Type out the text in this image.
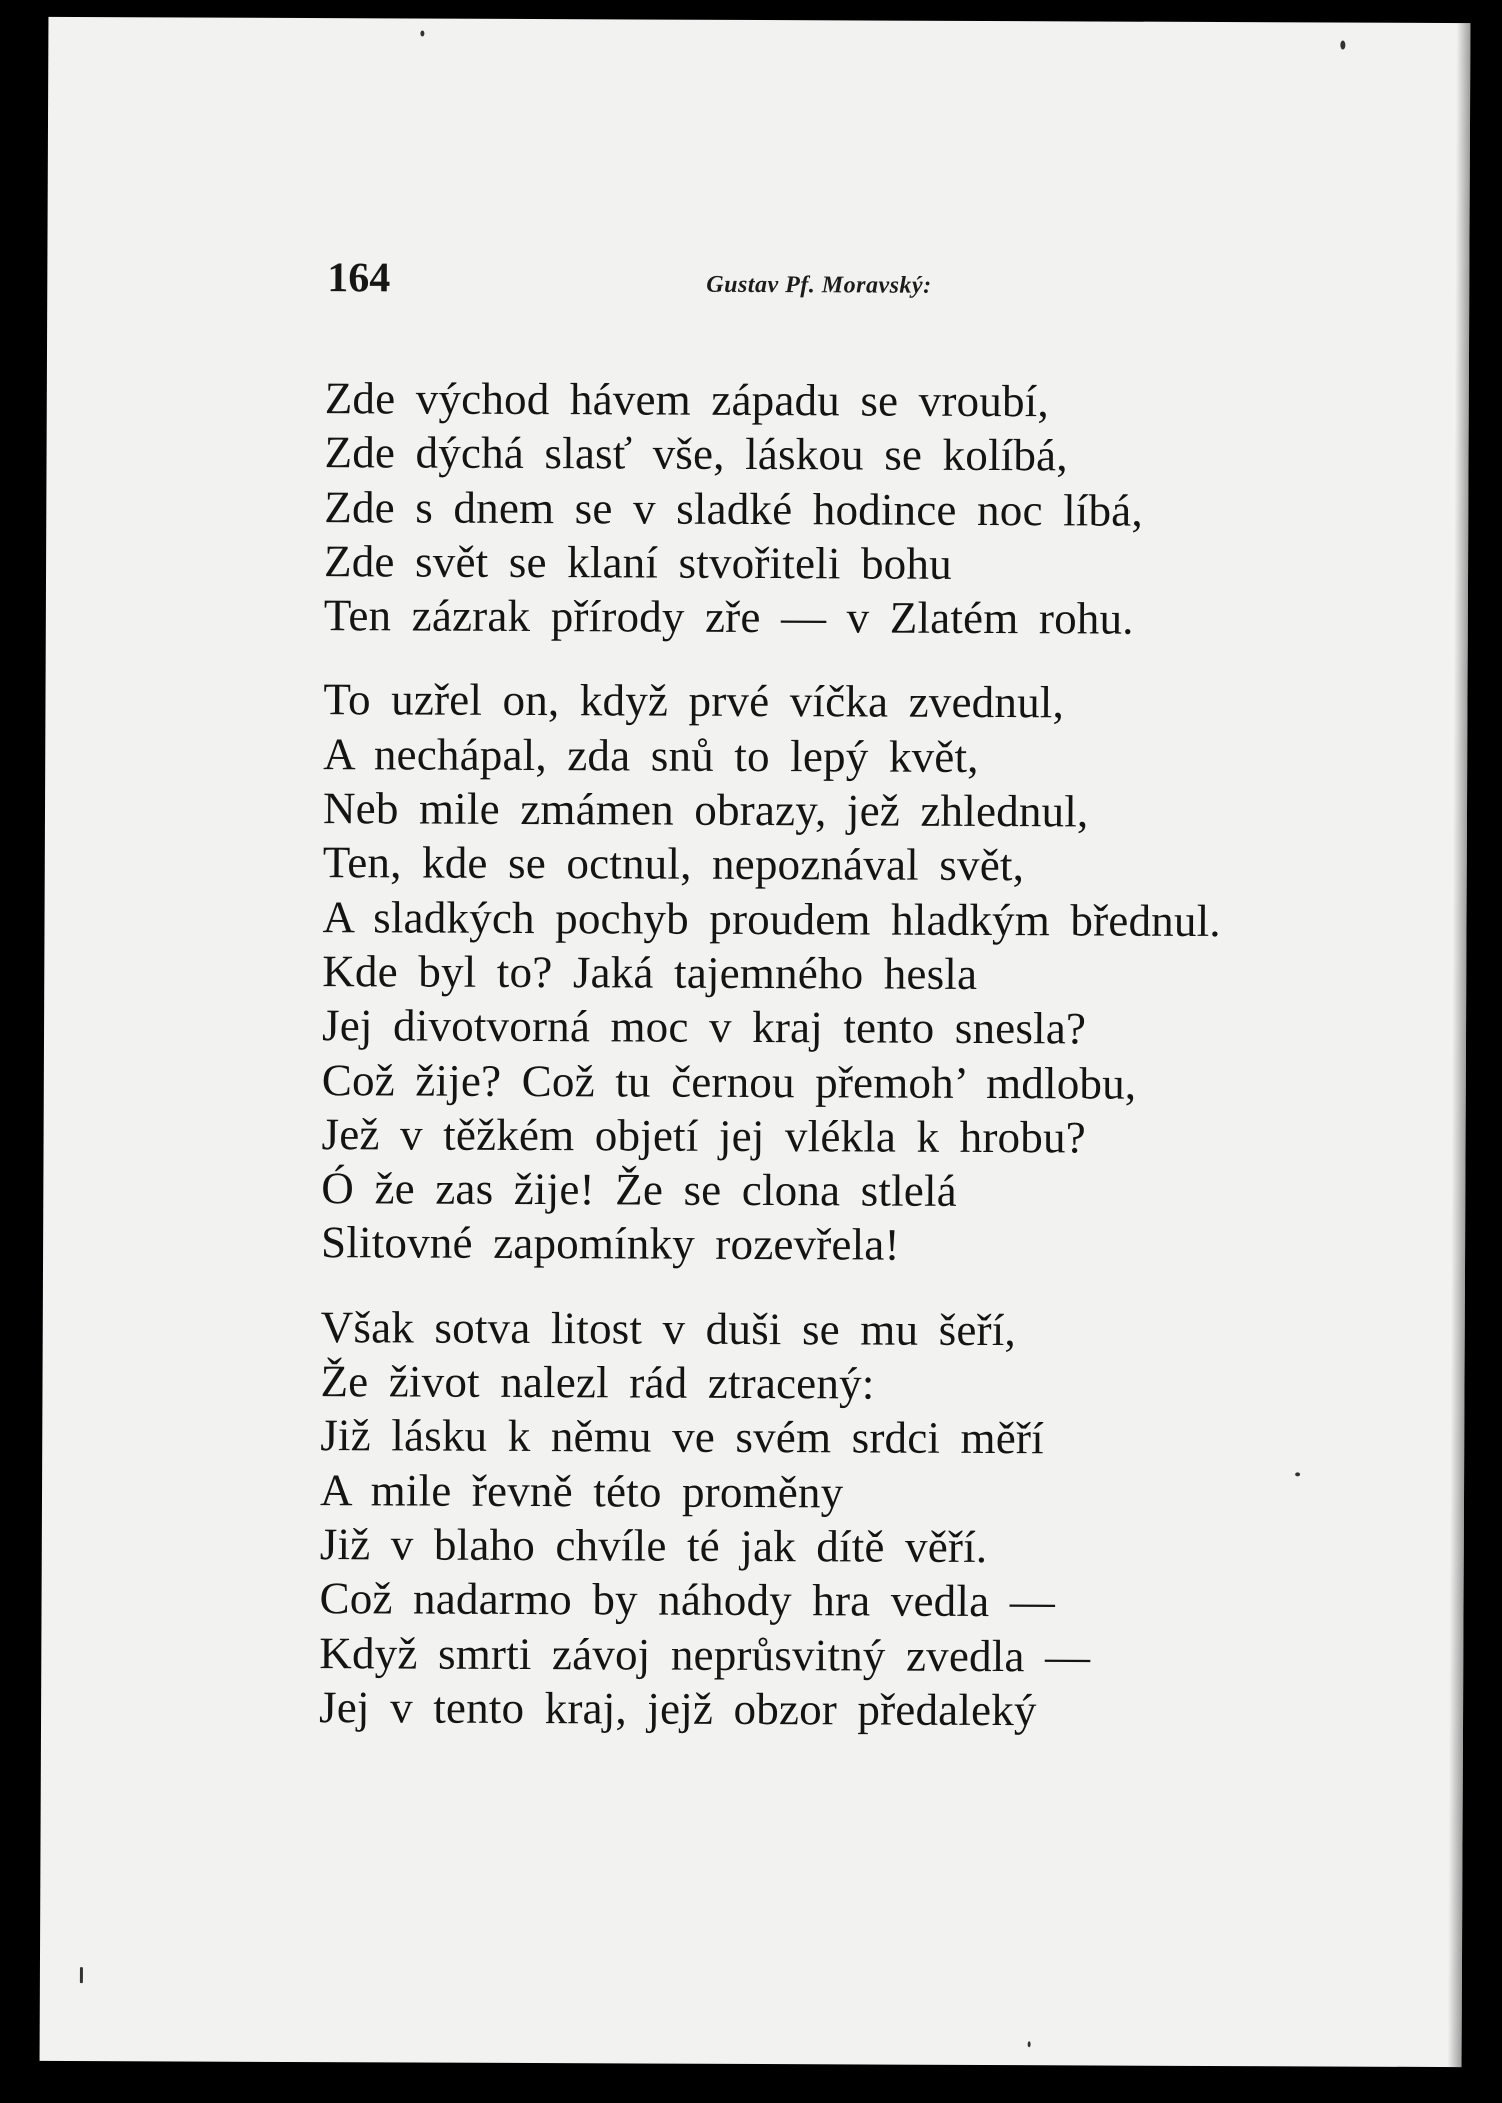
164	Gustav Pf. Moravský:
Zde východ hávem západu se vroubí,
Zde dýchá slasť vše, láskou se kolíbá,
Zde s dnem se v sladké hodince noc líbá,
Zde svět se klaní stvořiteli bohu
Ten zázrak přírody zře — v Zlatém rohu.
To uzřel on, když prvé víčka zvednul,
A nechápal, zda snů to lepý květ,
Neb mile zmámen obrazy, jež zhlednul,
Ten, kde se octnul, nepoznával svět,
A sladkých pochyb proudem hladkým břednul.
Kde byl to? Jaká tajemného hesla
Jej divotvorná moc v kraj tento snesla?
Což žije? Což tu černou přemoh’ mdlobu,
Jež v těžkém objetí jej vlékla k hrobu?
Ó že zas žije! Že se clona stlelá
Slitovné zapomínky rozevřela!
Však sotva litost v duši se mu šeří,
Že život nalezl rád ztracený:
Již lásku k němu ve svém srdci měří
A mile řevně této proměny
Již v blaho chvíle té jak dítě věří.
Což nadarmo by náhody hra vedla —
Když smrti závoj neprůsvitný zvedla —
Jej v tento kraj, jejž obzor předaleký
